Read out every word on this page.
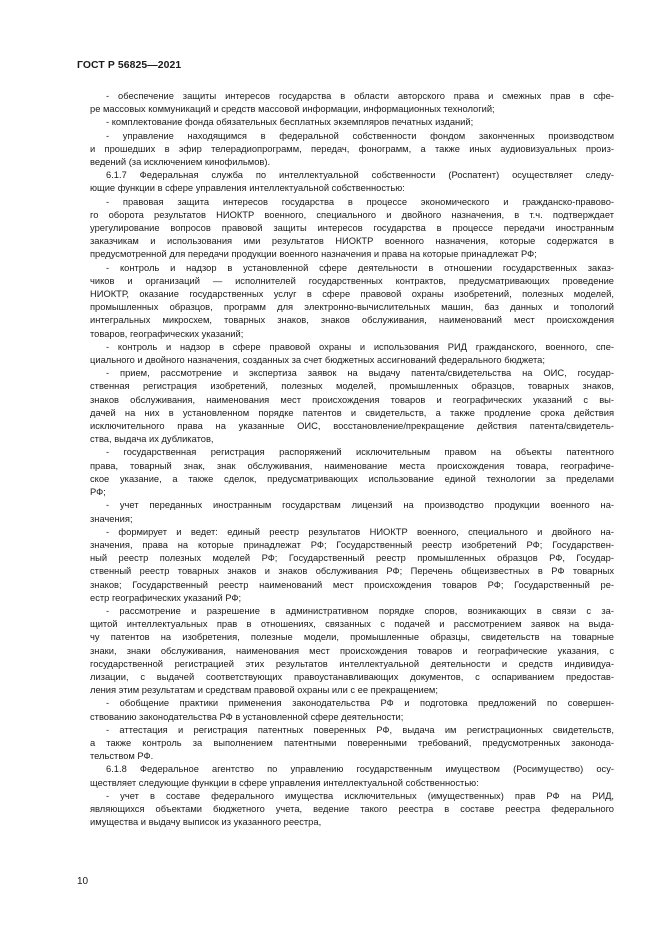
ГОСТ Р 56825—2021

- обеспечение защиты интересов государства в области авторского права и смежных прав в сфе-
ре массовых коммуникаций и средств массовой информации, информационных технологий;

- комплектование фонда обязательных бесплатных экземпляров печатных изданий;

- управление находящимся в федеральной собственности фондом законченных производством
и прошедших в эфир телерадиопрограмм, передач, фонограмм, а также иных аудиовизуальных произ-
ведений (за исключением кинофильмов).

6.1.7 Федеральная служба по интеллектуальной собственности (Роспатент) осуществляет следу-
ющие функции в сфере управления интеллектуальной собственностью:

- правовая защита интересов государства в процессе экономического и гражданско-правово-
го оборота результатов НИОКТР военного, специального и двойного назначения, в т.ч. подтверждает
урегулирование вопросов правовой защиты интересов государства в процессе передачи иностранным
заказчикам и использования ими результатов НИОКТР военного назначения, которые содержатся в
предусмотренной для передачи продукции военного назначения и права на которые принадлежат РФ;

- контроль и надзор в установленной сфере деятельности в отношении государственных заказ-
чиков и организаций — исполнителей государственных контрактов, предусматривающих проведение
НИОКТР, оказание государственных услуг в сфере правовой охраны изобретений, полезных моделей,
промышленных образцов, программ для электронно-вычислительных машин, баз данных и топологий
интегральных микросхем, товарных знаков, знаков обслуживания, наименований мест происхождения
товаров, географических указаний;

- контроль и надзор в сфере правовой охраны и использования РИД гражданского, военного, спе-
циального и двойного назначения, созданных за счет бюджетных ассигнований федерального бюджета;

- прием, рассмотрение и экспертиза заявок на выдачу патента/свидетельства на ОИС, государ-
ственная регистрация изобретений, полезных моделей, промышленных образцов, товарных знаков,
знаков обслуживания, наименования мест происхождения товаров и географических указаний с вы-
дачей на них в установленном порядке патентов и свидетельств, а также продление срока действия
исключительного права на указанные ОИС, восстановление/прекращение действия патента/свидетель-
ства, выдача их дубликатов,

- государственная регистрация распоряжений исключительным правом на объекты патентного
права, товарный знак, знак обслуживания, наименование места происхождения товара, географиче-
ское указание, а также сделок, предусматривающих использование единой технологии за пределами
РФ;

- учет переданных иностранным государствам лицензий на производство продукции военного на-
значения;

- формирует и ведет: единый реестр результатов НИОКТР военного, специального и двойного на-
значения, права на которые принадлежат РФ; Государственный реестр изобретений РФ; Государствен-
ный реестр полезных моделей РФ; Государственный реестр промышленных образцов РФ, Государ-
ственный реестр товарных знаков и знаков обслуживания РФ; Перечень общеизвестных в РФ товарных
знаков; Государственный реестр наименований мест происхождения товаров РФ; Государственный ре-
естр географических указаний РФ;

- рассмотрение и разрешение в административном порядке споров, возникающих в связи с за-
щитой интеллектуальных прав в отношениях, связанных с подачей и рассмотрением заявок на выда-
чу патентов на изобретения, полезные модели, промышленные образцы, свидетельств на товарные
знаки, знаки обслуживания, наименования мест происхождения товаров и географические указания, с
государственной регистрацией этих результатов интеллектуальной деятельности и средств индивидуа-
лизации, с выдачей соответствующих правоустанавливающих документов, с оспариванием предостав-
ления этим результатам и средствам правовой охраны или с ее прекращением;

- обобщение практики применения законодательства РФ и подготовка предложений по совершен-
ствованию законодательства РФ в установленной сфере деятельности;

- аттестация и регистрация патентных поверенных РФ, выдача им регистрационных свидетельств,
а также контроль за выполнением патентными поверенными требований, предусмотренных законода-
тельством РФ.

6.1.8 Федеральное агентство по управлению государственным имуществом (Росимущество) осу-
ществляет следующие функции в сфере управления интеллектуальной собственностью:

- учет в составе федерального имущества исключительных (имущественных) прав РФ на РИД,
являющихся объектами бюджетного учета, ведение такого реестра в составе реестра федерального
имущества и выдачу выписок из указанного реестра,

10
